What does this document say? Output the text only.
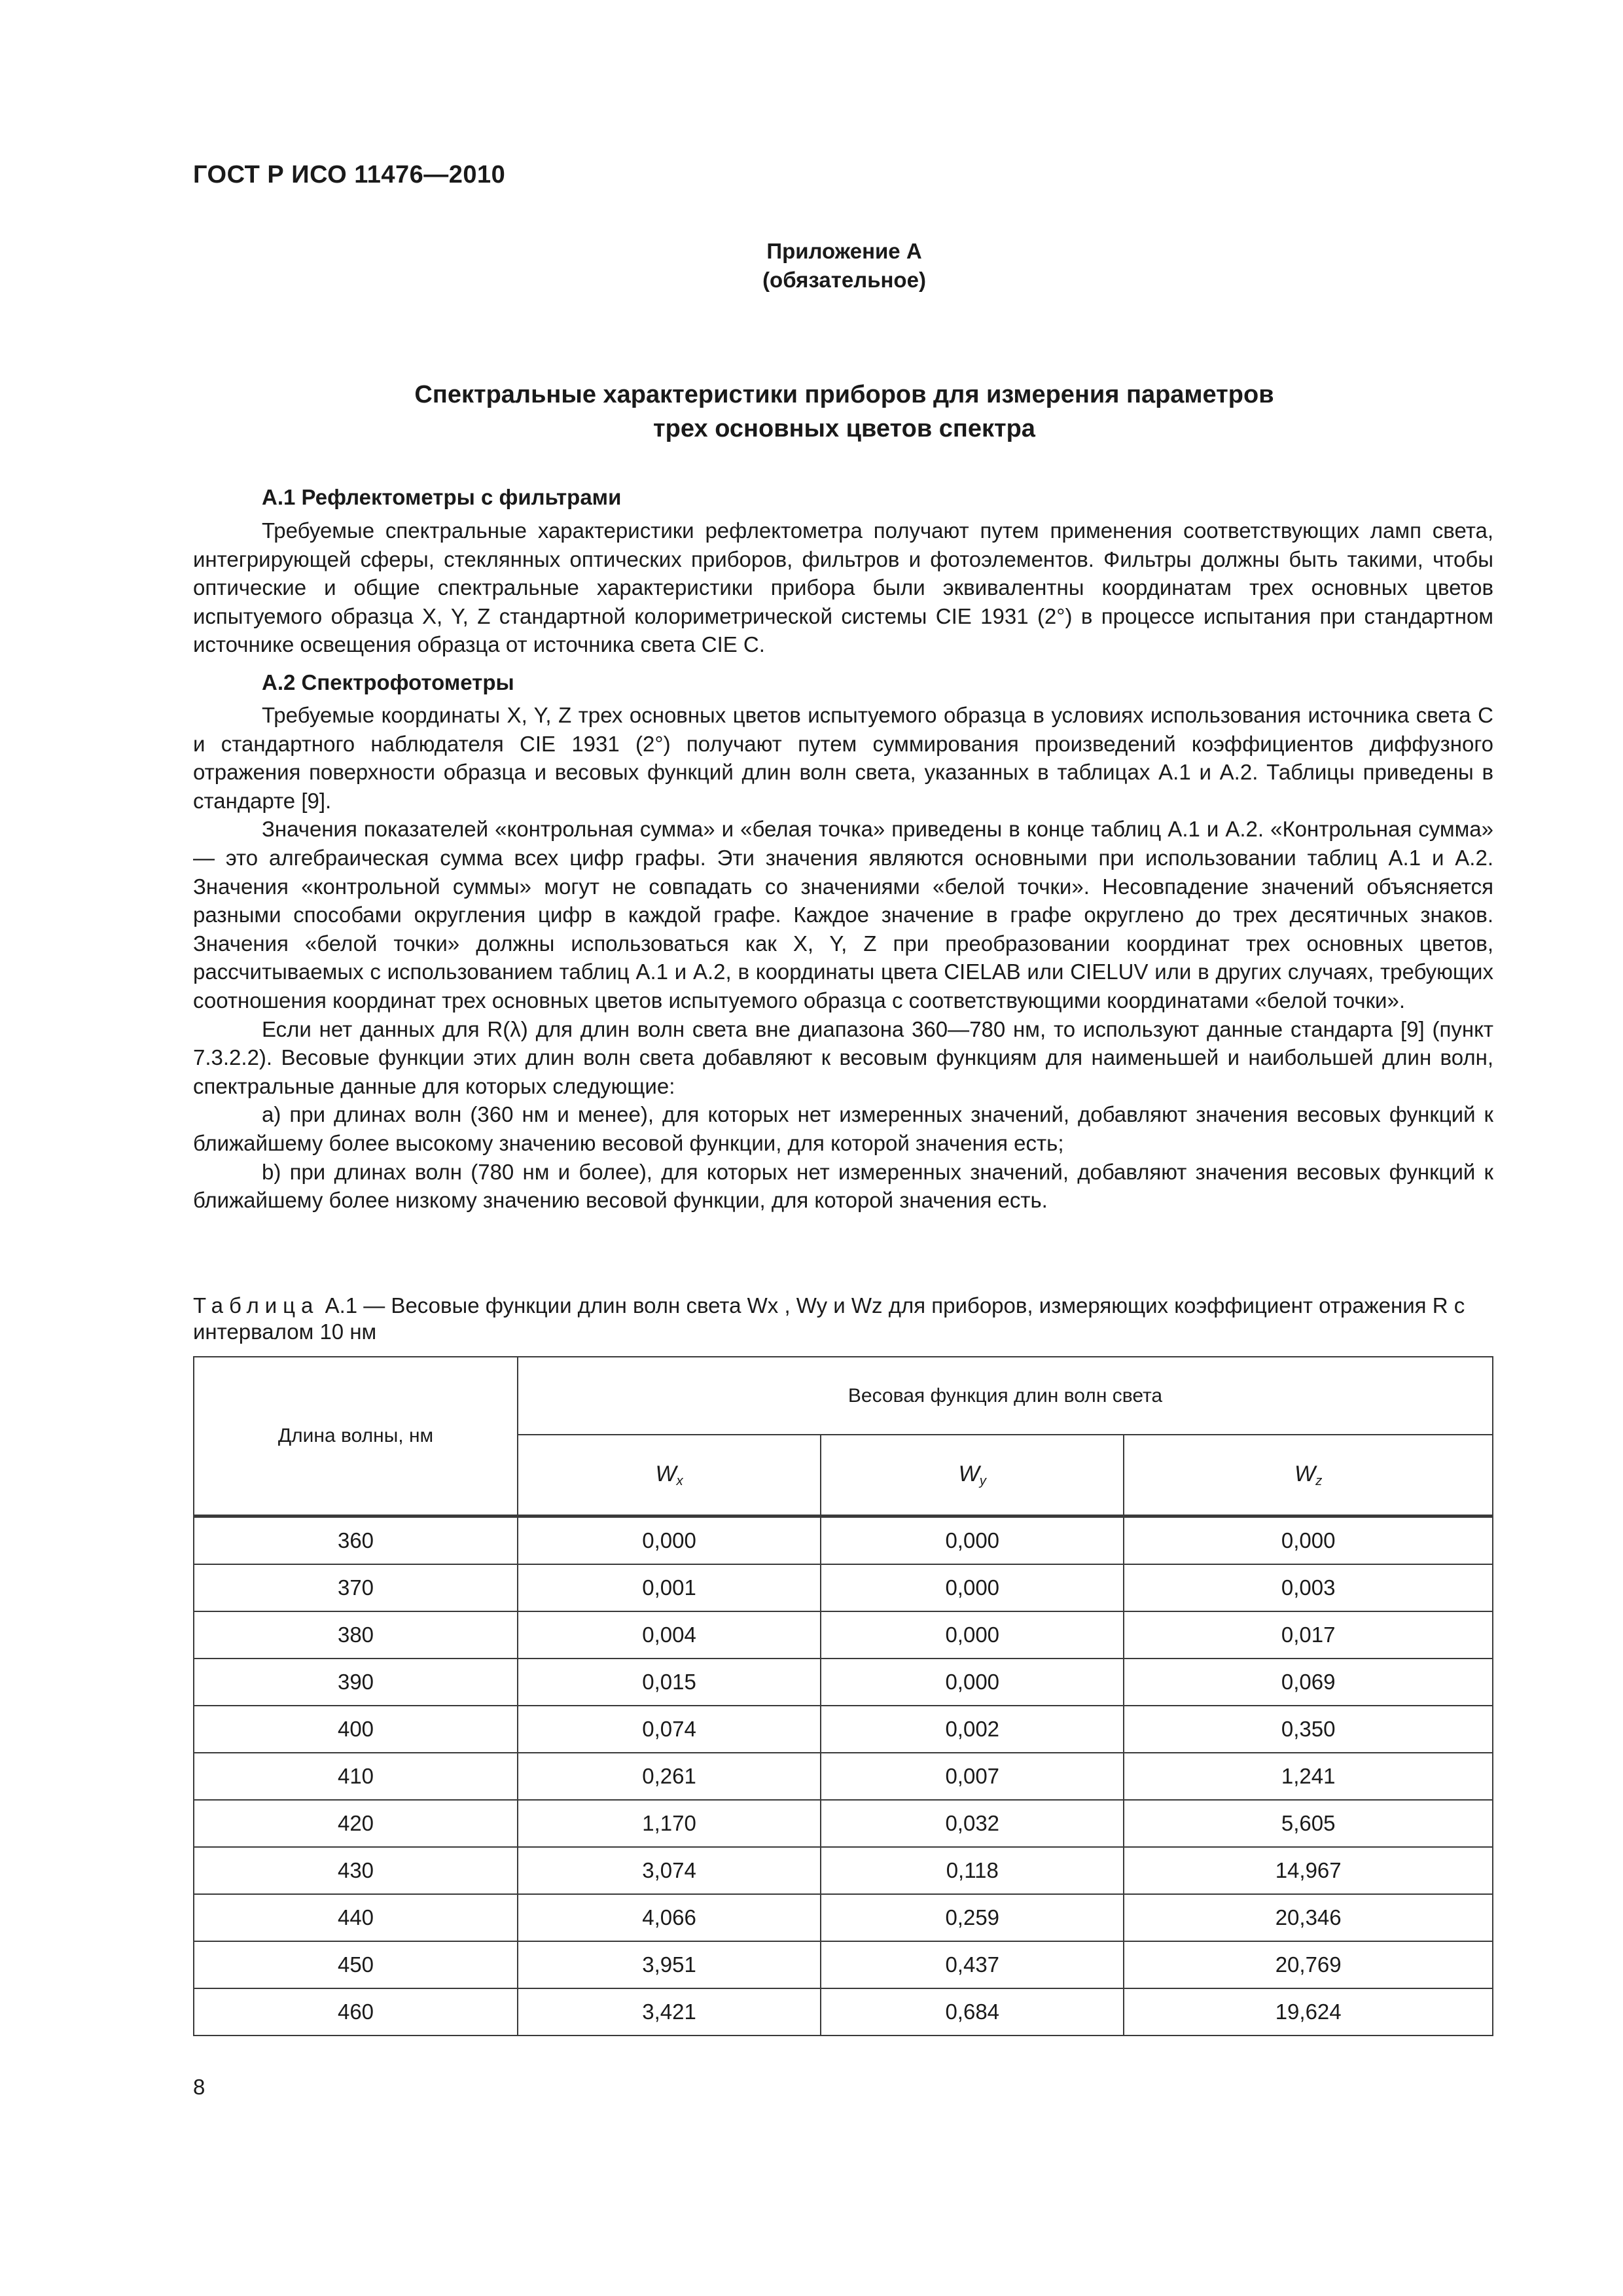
ГОСТ Р ИСО 11476—2010
Приложение А
(обязательное)
Спектральные характеристики приборов для измерения параметров
трех основных цветов спектра
А.1 Рефлектометры с фильтрами

Требуемые спектральные характеристики рефлектометра получают путем применения соответствующих ламп света, интегрирующей сферы, стеклянных оптических приборов, фильтров и фотоэлементов. Фильтры должны быть такими, чтобы оптические и общие спектральные характеристики прибора были эквивалентны координатам трех основных цветов испытуемого образца X, Y, Z стандартной колориметрической системы CIE 1931 (2°) в процессе испытания при стандартном источнике освещения образца от источника света CIE C.

А.2 Спектрофотометры

Требуемые координаты X, Y, Z трех основных цветов испытуемого образца в условиях использования источника света С и стандартного наблюдателя CIE 1931 (2°) получают путем суммирования произведений коэффициентов диффузного отражения поверхности образца и весовых функций длин волн света, указанных в таблицах А.1 и А.2. Таблицы приведены в стандарте [9].

Значения показателей «контрольная сумма» и «белая точка» приведены в конце таблиц А.1 и А.2. «Контрольная сумма» — это алгебраическая сумма всех цифр графы. Эти значения являются основными при использовании таблиц А.1 и А.2. Значения «контрольной суммы» могут не совпадать со значениями «белой точки». Несовпадение значений объясняется разными способами округления цифр в каждой графе. Каждое значение в графе округлено до трех десятичных знаков. Значения «белой точки» должны использоваться как X, Y, Z при преобразовании координат трех основных цветов, рассчитываемых с использованием таблиц А.1 и А.2, в координаты цвета CIELAB или CIELUV или в других случаях, требующих соотношения координат трех основных цветов испытуемого образца с соответствующими координатами «белой точки».

Если нет данных для R(λ) для длин волн света вне диапазона 360—780 нм, то используют данные стандарта [9] (пункт 7.3.2.2). Весовые функции этих длин волн света добавляют к весовым функциям для наименьшей и наибольшей длин волн, спектральные данные для которых следующие:

a) при длинах волн (360 нм и менее), для которых нет измеренных значений, добавляют значения весовых функций к ближайшему более высокому значению весовой функции, для которой значения есть;

b) при длинах волн (780 нм и более), для которых нет измеренных значений, добавляют значения весовых функций к ближайшему более низкому значению весовой функции, для которой значения есть.

Таблица А.1 — Весовые функции длин волн света Wx , Wy и Wz для приборов, измеряющих коэффициент отражения R с интервалом 10 нм
Длина волны, нм	Весовая функция длин волн света		
	$W_x$	$W_y$	$W_z$
360	0,000	0,000	0,000
370	0,001	0,000	0,003
380	0,004	0,000	0,017
390	0,015	0,000	0,069
400	0,074	0,002	0,350
410	0,261	0,007	1,241
420	1,170	0,032	5,605
430	3,074	0,118	14,967
440	4,066	0,259	20,346
450	3,951	0,437	20,769
460	3,421	0,684	19,624
8
